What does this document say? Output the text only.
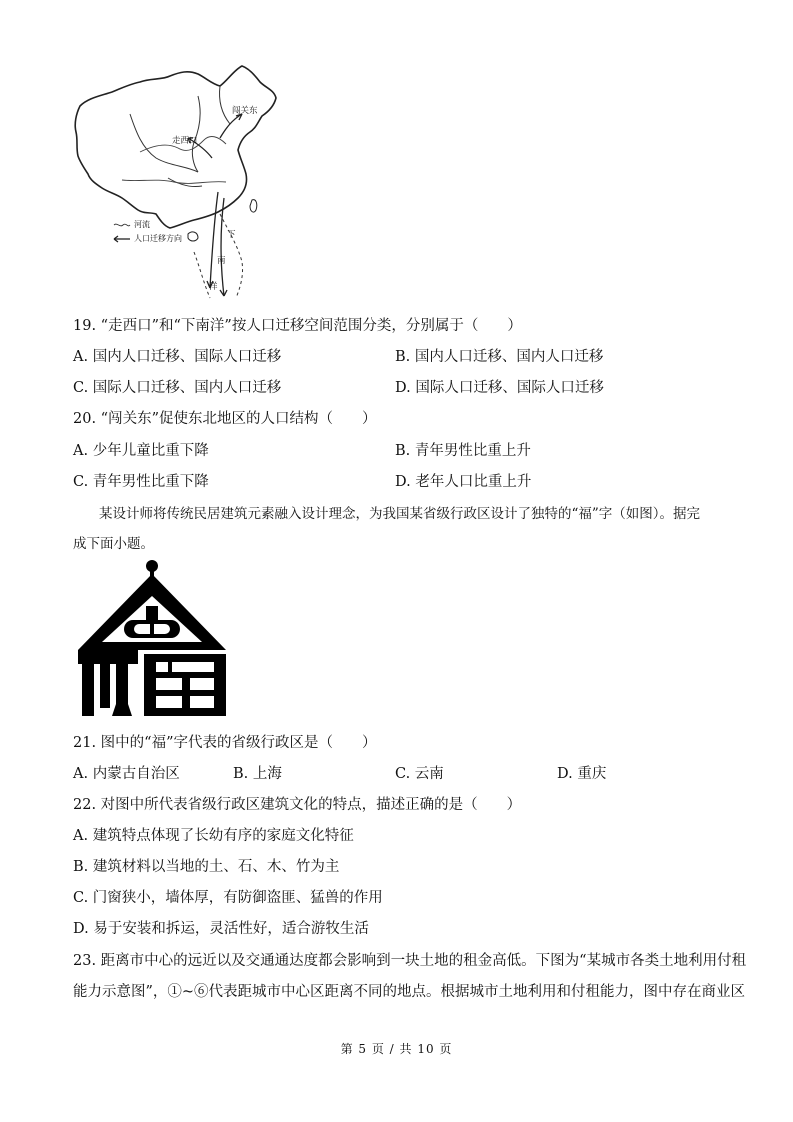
闯关东
走西口
下
南
洋
河流
人口迁移方向
19. “走西口”和“下南洋”按人口迁移空间范围分类，分别属于（　　）
A. 国内人口迁移、国际人口迁移	B. 国内人口迁移、国内人口迁移
C. 国际人口迁移、国内人口迁移	D. 国际人口迁移、国际人口迁移
20. “闯关东”促使东北地区的人口结构（　　）
A. 少年儿童比重下降	B. 青年男性比重上升
C. 青年男性比重下降	D. 老年人口比重上升
某设计师将传统民居建筑元素融入设计理念，为我国某省级行政区设计了独特的“福”字（如图）。据完
成下面小题。
21. 图中的“福”字代表的省级行政区是（　　）
A. 内蒙古自治区	B. 上海	C. 云南	D. 重庆
22. 对图中所代表省级行政区建筑文化的特点，描述正确的是（　　）
A. 建筑特点体现了长幼有序的家庭文化特征
B. 建筑材料以当地的土、石、木、竹为主
C. 门窗狭小，墙体厚，有防御盗匪、猛兽的作用
D. 易于安装和拆运，灵活性好，适合游牧生活
23. 距离市中心的远近以及交通通达度都会影响到一块土地的租金高低。下图为“某城市各类土地利用付租
能力示意图”，①~⑥代表距城市中心区距离不同的地点。根据城市土地利用和付租能力，图中存在商业区
第 5 页 / 共 10 页
